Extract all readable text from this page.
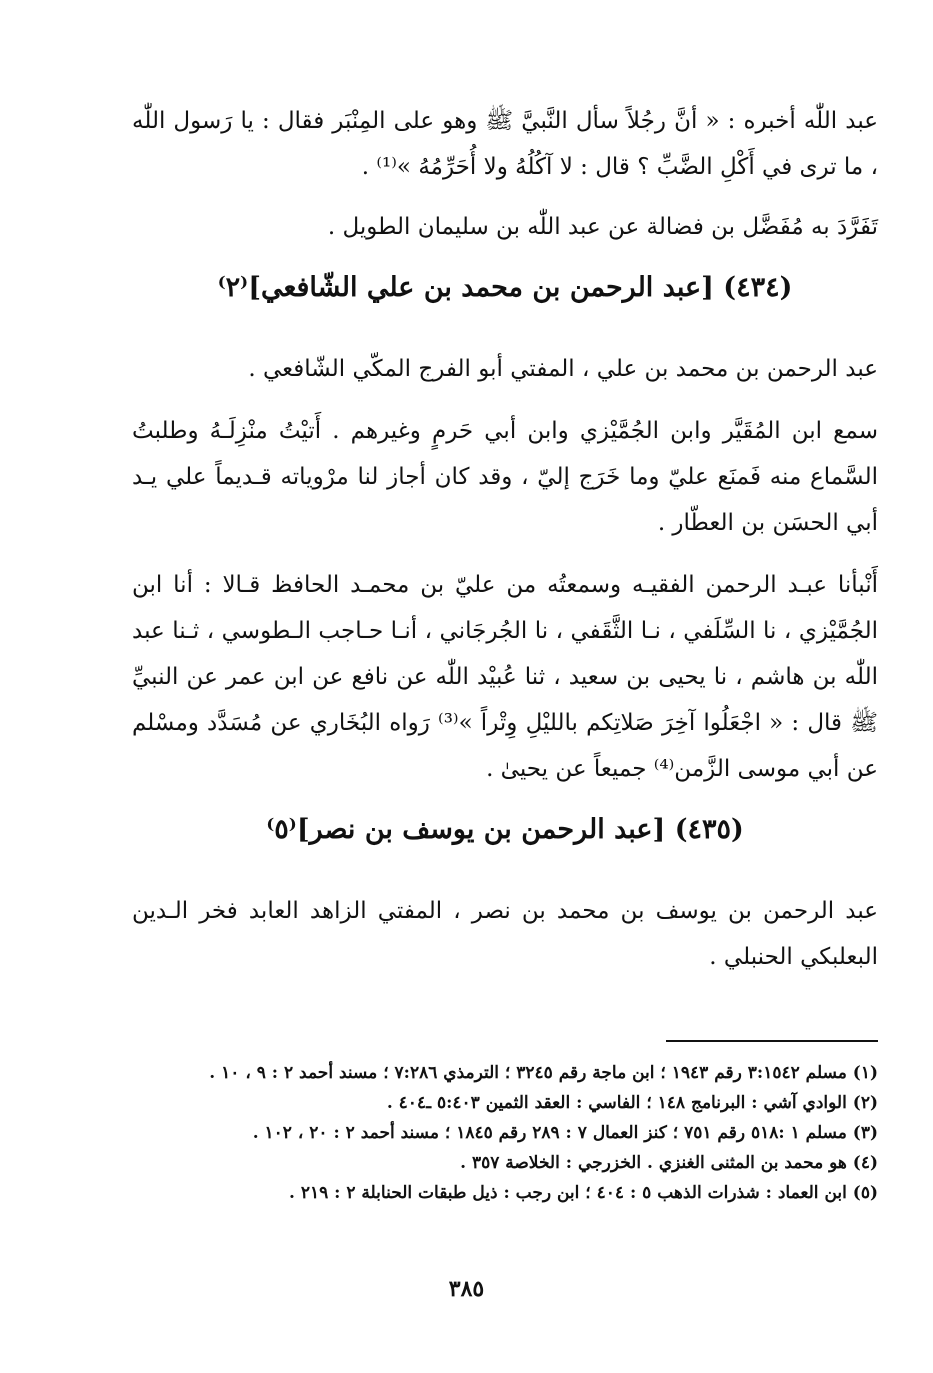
عبد اللّٰه أخبره : « أنَّ رجُلاً سأل النَّبيَّ ﷺ وهو على المِنْبَر فقال : يا رَسول اللّٰه ، ما ترى في أَكْلِ الضَّبِّ ؟ قال : لا آكُلُهُ ولا أُحَرِّمُهُ »⁽¹⁾ .

تَفَرَّدَ به مُفَضَّل بن فضالة عن عبد اللّٰه بن سليمان الطويل .

(٤٣٤) [عبد الرحمن بن محمد بن علي الشّافعي]⁽٢⁾

عبد الرحمن بن محمد بن علي ، المفتي أبو الفرج المكّي الشّافعي .

سمع ابن المُقَيَّر وابن الجُمَّيْزي وابن أبي حَرمٍ وغيرهم . أَتيْتُ منْزِلَـهُ وطلبتُ السَّماع منه فَمنَع عليّ وما خَرَج إليّ ، وقد كان أجاز لنا مرْوياته قـديماً علي يـد أبي الحسَن بن العطّار .

أَنْبأنا عبـد الرحمن الفقيـه وسمعتُه من عليّ بن محمـد الحافظ قـالا : أنا ابن الجُمَّيْزي ، نا السِّلَفي ، نـا الثَّقَفي ، نا الجُرجَاني ، أنـا حـاجب الـطوسي ، ثـنا عبد اللّٰه بن هاشم ، نا يحيى بن سعيد ، ثنا عُبيْد اللّٰه عن نافع عن ابن عمر عن النبيِّ ﷺ قال : « اجْعَلُوا آخِرَ صَلاتِكم بالليْلِ وِتْراً »⁽³⁾ رَواه البُخَاري عن مُسَدَّد ومسْلم عن أبي موسى الزَّمن⁽⁴⁾ جميعاً عن يحيىٰ .

(٤٣٥) [عبد الرحمن بن يوسف بن نصر]⁽٥⁾

عبد الرحمن بن يوسف بن محمد بن نصر ، المفتي الزاهد العابد فخر الـدين البعلبكي الحنبلي .

(١) مسلم ٣:١٥٤٢ رقم ١٩٤٣ ؛ ابن ماجة رقم ٣٢٤٥ ؛ الترمذي ٧:٢٨٦ ؛ مسند أحمد ٢ : ٩ ، ١٠ .

(٢) الوادي آشي : البرنامج ١٤٨ ؛ الفاسي : العقد الثمين ٥:٤٠٣ ـ٤٠٤ .

(٣) مسلم ١ :٥١٨ رقم ٧٥١ ؛ كنز العمال ٧ : ٢٨٩ رقم ١٨٤٥ ؛ مسند أحمد ٢ : ٢٠ ، ١٠٢ .

(٤) هو محمد بن المثنى الغنزي . الخزرجي : الخلاصة ٣٥٧ .

(٥) ابن العماد : شذرات الذهب ٥ : ٤٠٤ ؛ ابن رجب : ذيل طبقات الحنابلة ٢ : ٢١٩ .

٣٨٥
